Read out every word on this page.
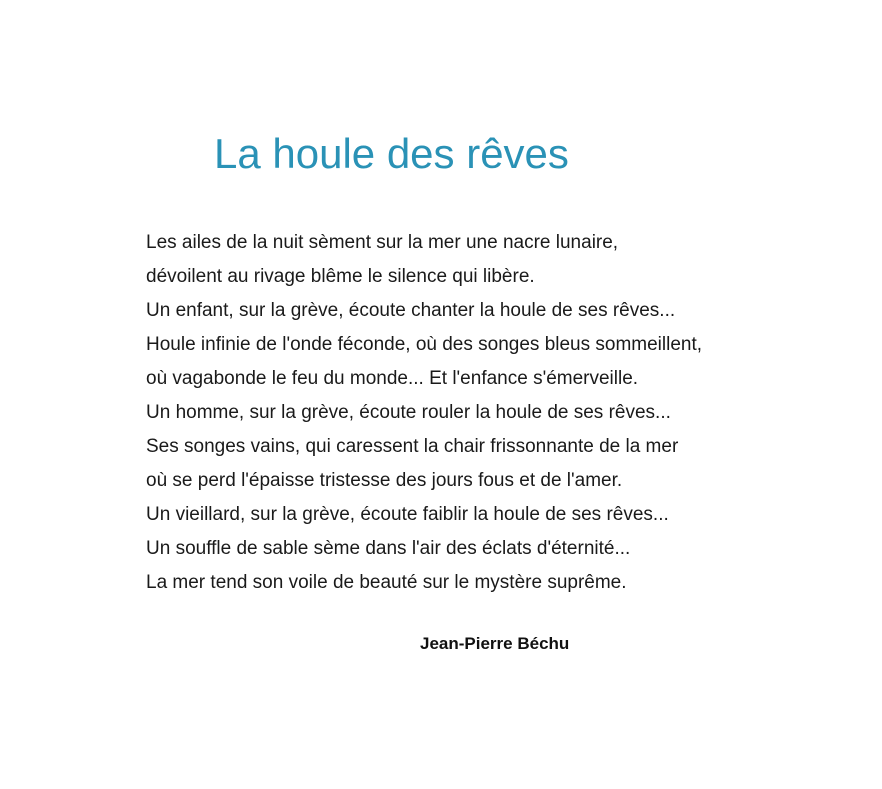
La houle des rêves
Les ailes de la nuit sèment sur la mer une nacre lunaire,
dévoilent au rivage blême le silence qui libère.
Un enfant, sur la grève, écoute chanter la houle de ses rêves...
Houle infinie de l'onde féconde, où des songes bleus sommeillent,
où vagabonde le feu du monde... Et l'enfance s'émerveille.
Un homme, sur la grève, écoute rouler la houle de ses rêves...
Ses songes vains, qui caressent la chair frissonnante de la mer
où se perd l'épaisse tristesse des jours fous et de l'amer.
Un vieillard, sur la grève, écoute faiblir la houle de ses rêves...
Un souffle de sable sème dans l'air des éclats d'éternité...
La mer tend son voile de beauté sur le mystère suprême.

Jean-Pierre Béchu
